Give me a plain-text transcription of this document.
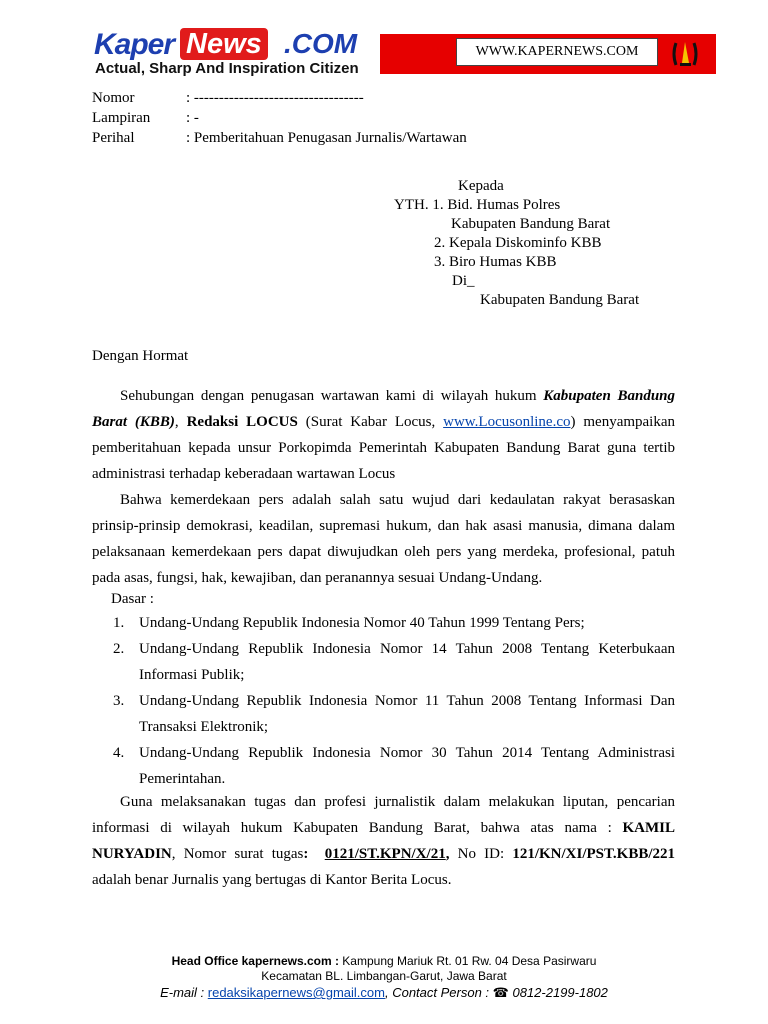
Kaper News .COM
Actual, Sharp And Inspiration Citizen
WWW.KAPERNEWS.COM
Nomor	: ----------------------------------
Lampiran	: -
Perihal	: Pemberitahuan Penugasan Jurnalis/Wartawan
Kepada
YTH. 1. Bid. Humas Polres
Kabupaten Bandung Barat
2. Kepala Diskominfo KBB
3. Biro Humas KBB
Di_
Kabupaten Bandung Barat
Dengan Hormat
Sehubungan dengan penugasan wartawan kami di wilayah hukum Kabupaten Bandung Barat (KBB), Redaksi LOCUS (Surat Kabar Locus, www.Locusonline.co) menyampaikan pemberitahuan kepada unsur Porkopimda Pemerintah Kabupaten Bandung Barat guna tertib administrasi terhadap keberadaan wartawan Locus
Bahwa kemerdekaan pers adalah salah satu wujud dari kedaulatan rakyat berasaskan prinsip-prinsip demokrasi, keadilan, supremasi hukum, dan hak asasi manusia, dimana dalam pelaksanaan kemerdekaan pers dapat diwujudkan oleh pers yang merdeka, profesional, patuh pada asas, fungsi, hak, kewajiban, dan peranannya sesuai Undang-Undang.
Dasar :
1. Undang-Undang Republik Indonesia Nomor 40 Tahun 1999 Tentang Pers;
2. Undang-Undang Republik Indonesia Nomor 14 Tahun 2008 Tentang Keterbukaan Informasi Publik;
3. Undang-Undang Republik Indonesia Nomor 11 Tahun 2008 Tentang Informasi Dan Transaksi Elektronik;
4. Undang-Undang Republik Indonesia Nomor 30 Tahun 2014 Tentang Administrasi Pemerintahan.
Guna melaksanakan tugas dan profesi jurnalistik dalam melakukan liputan, pencarian informasi di wilayah hukum Kabupaten Bandung Barat, bahwa atas nama : KAMIL NURYADIN, Nomor surat tugas: 0121/ST.KPN/X/21, No ID: 121/KN/XI/PST.KBB/221 adalah benar Jurnalis yang bertugas di Kantor Berita Locus.
Head Office kapernews.com : Kampung Mariuk Rt. 01 Rw. 04 Desa Pasirwaru
Kecamatan BL. Limbangan-Garut, Jawa Barat
E-mail : redaksikapernews@gmail.com, Contact Person : ☎ 0812-2199-1802
